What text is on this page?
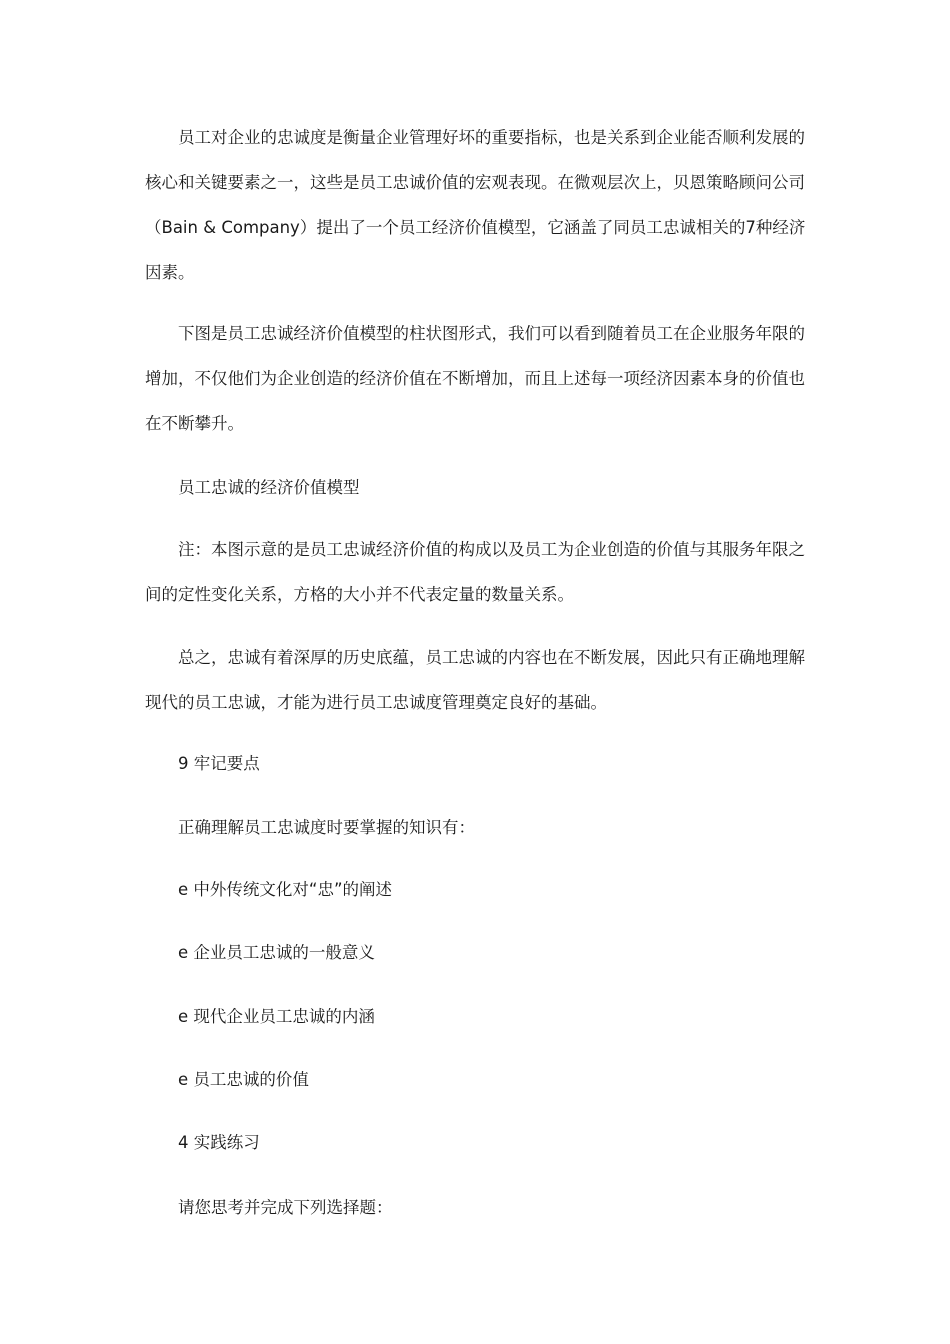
员工对企业的忠诚度是衡量企业管理好坏的重要指标，也是关系到企业能否顺利发展的核心和关键要素之一，这些是员工忠诚价值的宏观表现。在微观层次上，贝恩策略顾问公司（Bain & Company）提出了一个员工经济价值模型，它涵盖了同员工忠诚相关的7种经济因素。

下图是员工忠诚经济价值模型的柱状图形式，我们可以看到随着员工在企业服务年限的增加，不仅他们为企业创造的经济价值在不断增加，而且上述每一项经济因素本身的价值也在不断攀升。

员工忠诚的经济价值模型

注：本图示意的是员工忠诚经济价值的构成以及员工为企业创造的价值与其服务年限之间的定性变化关系，方格的大小并不代表定量的数量关系。

总之，忠诚有着深厚的历史底蕴，员工忠诚的内容也在不断发展，因此只有正确地理解现代的员工忠诚，才能为进行员工忠诚度管理奠定良好的基础。

9 牢记要点
正确理解员工忠诚度时要掌握的知识有：
e 中外传统文化对“忠”的阐述
e 企业员工忠诚的一般意义
e 现代企业员工忠诚的内涵
e 员工忠诚的价值
4 实践练习
请您思考并完成下列选择题：
